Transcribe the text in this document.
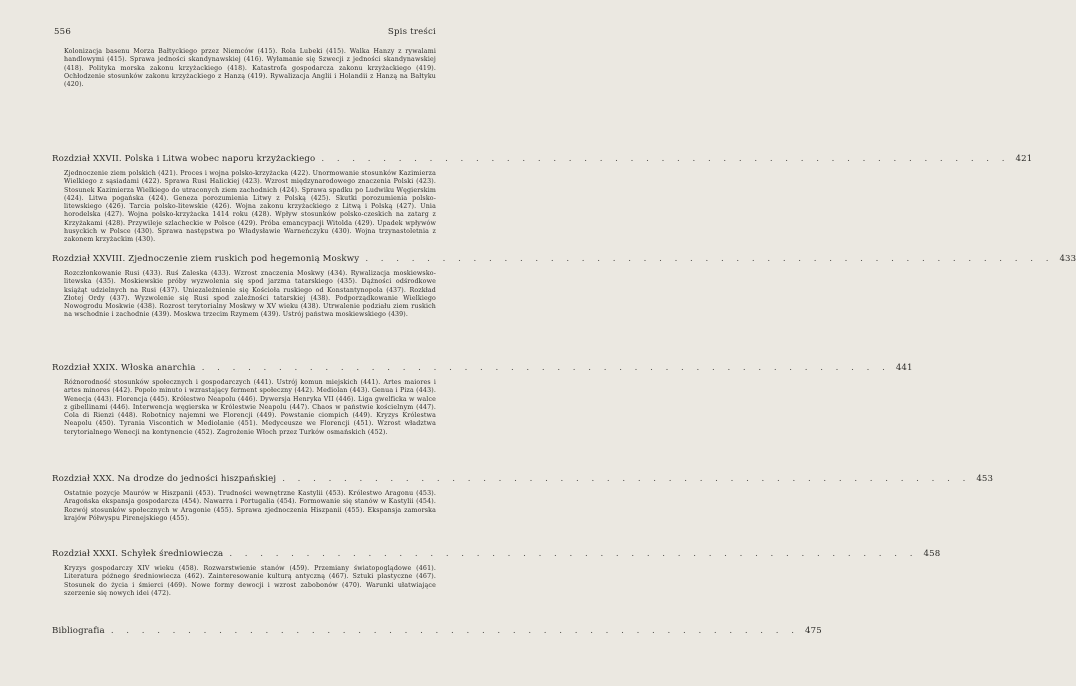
556	Spis treści
Kolonizacja basenu Morza Bałtyckiego przez Niemców (415). Rola Lubeki (415). Walka Hanzy z rywalami handlowymi (415). Sprawa jedności skandynawskiej (416). Wyłamanie się Szwecji z jedności skandynawskiej (418). Polityka morska zakonu krzyżackiego (418). Katastrofa gospodarcza zakonu krzyżackiego (419). Ochłodzenie stosunków zakonu krzyżackiego z Hanzą (419). Rywalizacja Anglii i Holandii z Hanzą na Bałtyku (420).
Rozdział XXVII. Polska i Litwa wobec naporu krzyżackiego . . . . . . . . . . . . . . . . . . . . . . . . . . . . . . . . . . . . . . . . . . . . . 421
Zjednoczenie ziem polskich (421). Proces i wojna polsko-krzyżacka (422). Unormowanie stosunków Kazimierza Wielkiego z sąsiadami (422). Sprawa Rusi Halickiej (423). Wzrost międzynarodowego znaczenia Polski (423). Stosunek Kazimierza Wielkiego do utraconych ziem zachodnich (424). Sprawa spadku po Ludwiku Węgierskim (424). Litwa pogańska (424). Geneza porozumienia Litwy z Polską (425). Skutki porozumienia polsko-litewskiego (426). Tarcia polsko-litewskie (426). Wojna zakonu krzyżackiego z Litwą i Polską (427). Unia horodelska (427). Wojna polsko-krzyżacka 1414 roku (428). Wpływ stosunków polsko-czeskich na zatarg z Krzyżakami (428). Przywileje szlacheckie w Polsce (429). Próba emancypacji Witolda (429). Upadek wpływów husyckich w Polsce (430). Sprawa następstwa po Władysławie Warneńczyku (430). Wojna trzynastoletnia z zakonem krzyżackim (430).
Rozdział XXVIII. Zjednoczenie ziem ruskich pod hegemonią Moskwy . . . . . . . . . . . . . . . . . . . . . . . . . . . . . . . . . . . . . . . . . . . . . 433
Rozczłonkowanie Rusi (433). Ruś Zaleska (433). Wzrost znaczenia Moskwy (434). Rywalizacja moskiewsko-litewska (435). Moskiewskie próby wyzwolenia się spod jarzma tatarskiego (435). Dążności odśrodkowe książąt udzielnych na Rusi (437). Uniezależnienie się Kościoła ruskiego od Konstantynopola (437). Rozkład Złotej Ordy (437). Wyzwolenie się Rusi spod zależności tatarskiej (438). Podporządkowanie Wielkiego Nowogrodu Moskwie (438). Rozrost terytorialny Moskwy w XV wieku (438). Utrwalenie podziału ziem ruskich na wschodnie i zachodnie (439). Moskwa trzecim Rzymem (439). Ustrój państwa moskiewskiego (439).
Rozdział XXIX. Włoska anarchia . . . . . . . . . . . . . . . . . . . . . . . . . . . . . . . . . . . . . . . . . . . . . 441
Różnorodność stosunków społecznych i gospodarczych (441). Ustrój komun miejskich (441). Artes maiores i artes minores (442). Popolo minuto i wzrastający ferment społeczny (442). Mediolan (443). Genua i Piza (443). Wenecja (443). Florencja (445). Królestwo Neapolu (446). Dywersja Henryka VII (446). Liga gwelfickа w walce z gibellinami (446). Interwencja węgierska w Królestwie Neapolu (447). Chaos w państwie kościelnym (447). Cola di Rienzi (448). Robotnicy najemni we Florencji (449). Powstanie ciompich (449). Kryzys Królestwa Neapolu (450). Tyrania Viscontich w Mediolanie (451). Medyceusze we Florencji (451). Wzrost władztwa terytorialnego Wenecji na kontynencie (452). Zagrożenie Włoch przez Turków osmańskich (452).
Rozdział XXX. Na drodze do jedności hiszpańskiej . . . . . . . . . . . . . . . . . . . . . . . . . . . . . . . . . . . . . . . . . . . . . 453
Ostatnie pozycje Maurów w Hiszpanii (453). Trudności wewnętrzne Kastylii (453). Królestwo Aragonu (453). Aragońska ekspansja gospodarcza (454). Nawarra i Portugalia (454). Formowanie się stanów w Kastylii (454). Rozwój stosunków społecznych w Aragonie (455). Sprawa zjednoczenia Hiszpanii (455). Ekspansja zamorska krajów Półwyspu Pirenejskiego (455).
Rozdział XXXI. Schyłek średniowiecza . . . . . . . . . . . . . . . . . . . . . . . . . . . . . . . . . . . . . . . . . . . . . 458
Kryzys gospodarczy XIV wieku (458). Rozwarstwienie stanów (459). Przemiany światopoglądowe (461). Literatura późnego średniowiecza (462). Zainteresowanie kulturą antyczną (467). Sztuki plastyczne (467). Stosunek do życia i śmierci (469). Nowe formy dewocji i wzrost zabobonów (470). Warunki ułatwiające szerzenie się nowych idei (472).
Bibliografia . . . . . . . . . . . . . . . . . . . . . . . . . . . . . . . . . . . . . . . . . . . . . 475
